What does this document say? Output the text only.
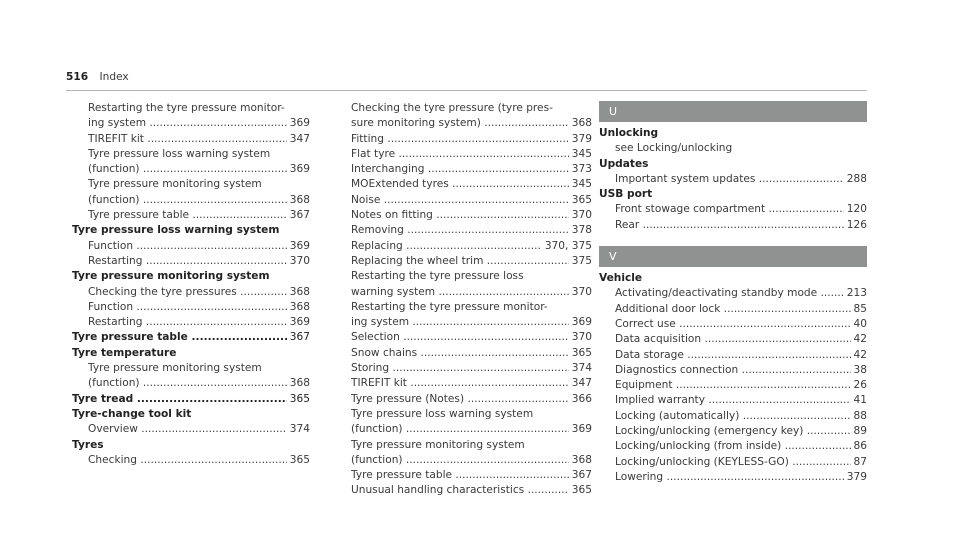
516 Index
Restarting the tyre pressure monitor-
ing system .....	369
TIREFIT kit .....	347
Tyre pressure loss warning system
(function) .....	369
Tyre pressure monitoring system
(function) .....	368
Tyre pressure table .....	367
Tyre pressure loss warning system
Function .....	369
Restarting .....	370
Tyre pressure monitoring system
Checking the tyre pressures .....	368
Function .....	368
Restarting .....	369
Tyre pressure table .....	367
Tyre temperature
Tyre pressure monitoring system
(function) .....	368
Tyre tread .....	365
Tyre-change tool kit
Overview .....	374
Tyres
Checking .....	365
Checking the tyre pressure (tyre pres-
sure monitoring system) .....	368
Fitting .....	379
Flat tyre .....	345
Interchanging .....	373
MOExtended tyres .....	345
Noise .....	365
Notes on fitting .....	370
Removing .....	378
Replacing .....	370, 375
Replacing the wheel trim .....	375
Restarting the tyre pressure loss
warning system .....	370
Restarting the tyre pressure monitor-
ing system .....	369
Selection .....	370
Snow chains .....	365
Storing .....	374
TIREFIT kit .....	347
Tyre pressure (Notes) .....	366
Tyre pressure loss warning system
(function) .....	369
Tyre pressure monitoring system
(function) .....	368
Tyre pressure table .....	367
Unusual handling characteristics .....	365
U
Unlocking
see Locking/unlocking
Updates
Important system updates .....	288
USB port
Front stowage compartment .....	120
Rear .....	126
V
Vehicle
Activating/deactivating standby mode .....	213
Additional door lock .....	85
Correct use .....	40
Data acquisition .....	42
Data storage .....	42
Diagnostics connection .....	38
Equipment .....	26
Implied warranty .....	41
Locking (automatically) .....	88
Locking/unlocking (emergency key) .....	89
Locking/unlocking (from inside) .....	86
Locking/unlocking (KEYLESS-GO) .....	87
Lowering .....	379
